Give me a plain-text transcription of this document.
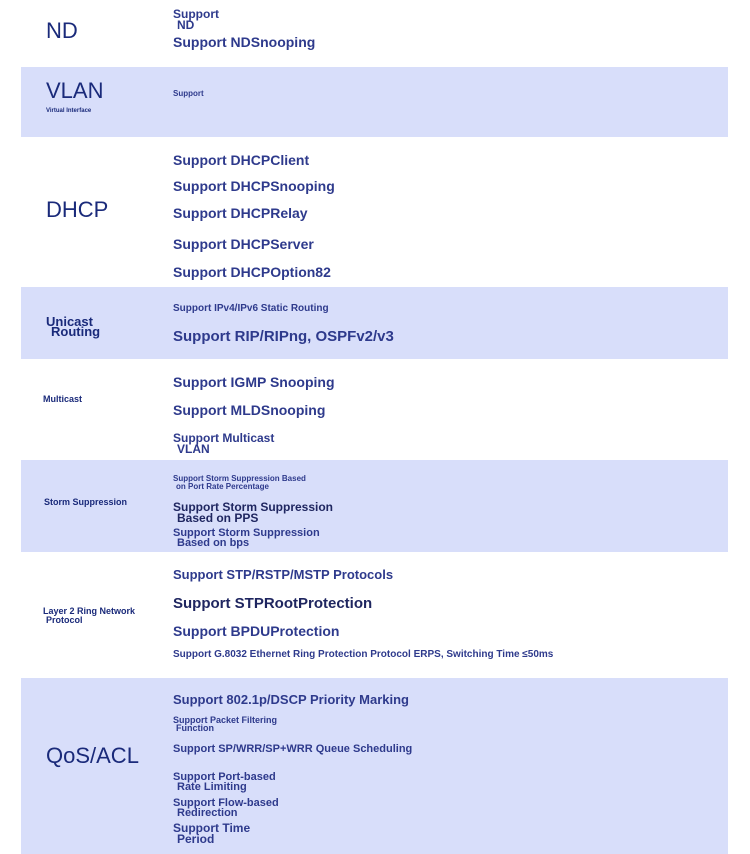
ND
Support
ND
Support NDSnooping
VLAN
Virtual Interface
Support
DHCP
Support DHCPClient
Support DHCPSnooping
Support DHCPRelay
Support DHCPServer
Support DHCPOption82
Unicast
Routing
Support IPv4/IPv6 Static Routing
Support RIP/RIPng, OSPFv2/v3
Multicast
Support IGMP Snooping
Support MLDSnooping
Support Multicast
VLAN
Storm Suppression
Support Storm Suppression Based
on Port Rate Percentage
Support Storm Suppression
Based on PPS
Support Storm Suppression
Based on bps
Layer 2 Ring Network
Protocol
Support STP/RSTP/MSTP Protocols
Support STPRootProtection
Support BPDUProtection
Support G.8032 Ethernet Ring Protection Protocol ERPS, Switching Time ≤50ms
QoS/ACL
Support 802.1p/DSCP Priority Marking
Support Packet Filtering
Function
Support SP/WRR/SP+WRR Queue Scheduling
Support Port-based
Rate Limiting
Support Flow-based
Redirection
Support Time
Period
